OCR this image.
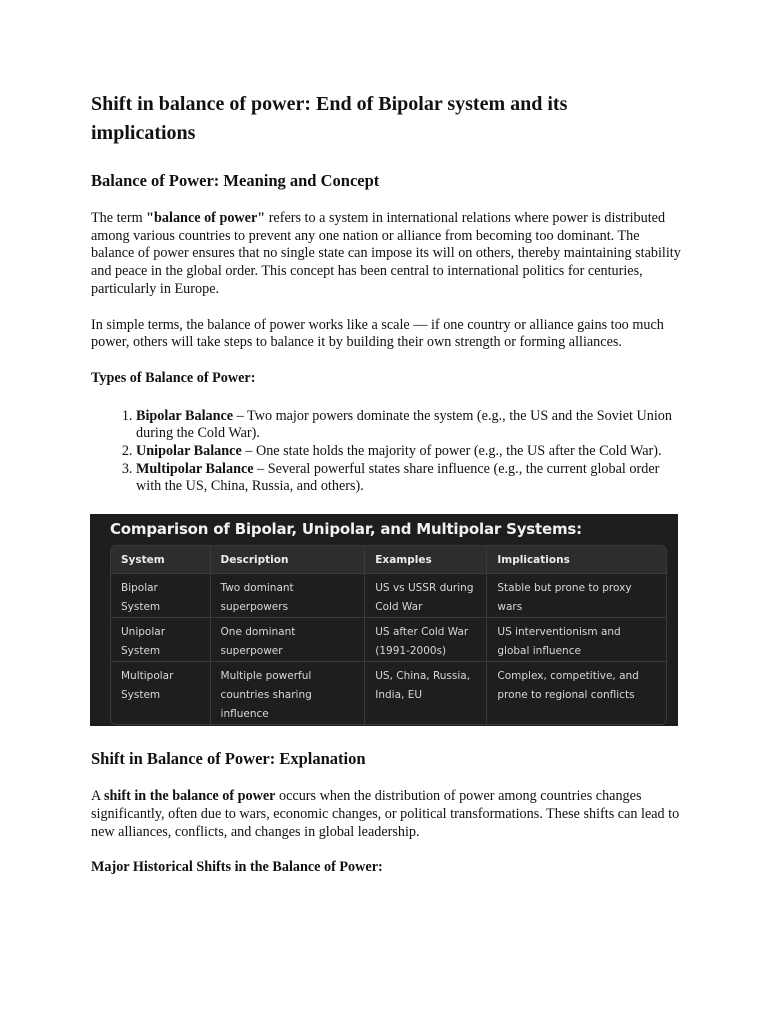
Shift in balance of power: End of Bipolar system and its implications
Balance of Power: Meaning and Concept

The term "balance of power" refers to a system in international relations where power is distributed among various countries to prevent any one nation or alliance from becoming too dominant. The balance of power ensures that no single state can impose its will on others, thereby maintaining stability and peace in the global order. This concept has been central to international politics for centuries, particularly in Europe.

In simple terms, the balance of power works like a scale — if one country or alliance gains too much power, others will take steps to balance it by building their own strength or forming alliances.

Types of Balance of Power:

1. Bipolar Balance – Two major powers dominate the system (e.g., the US and the Soviet Union during the Cold War).
2. Unipolar Balance – One state holds the majority of power (e.g., the US after the Cold War).
3. Multipolar Balance – Several powerful states share influence (e.g., the current global order with the US, China, Russia, and others).
Comparison of Bipolar, Unipolar, and Multipolar Systems:
System	Description	Examples	Implications
Bipolar System	Two dominant superpowers	US vs USSR during Cold War	Stable but prone to proxy wars
Unipolar System	One dominant superpower	US after Cold War (1991-2000s)	US interventionism and global influence
Multipolar System	Multiple powerful countries sharing influence	US, China, Russia, India, EU	Complex, competitive, and prone to regional conflicts
Shift in Balance of Power: Explanation

A shift in the balance of power occurs when the distribution of power among countries changes significantly, often due to wars, economic changes, or political transformations. These shifts can lead to new alliances, conflicts, and changes in global leadership.

Major Historical Shifts in the Balance of Power:
